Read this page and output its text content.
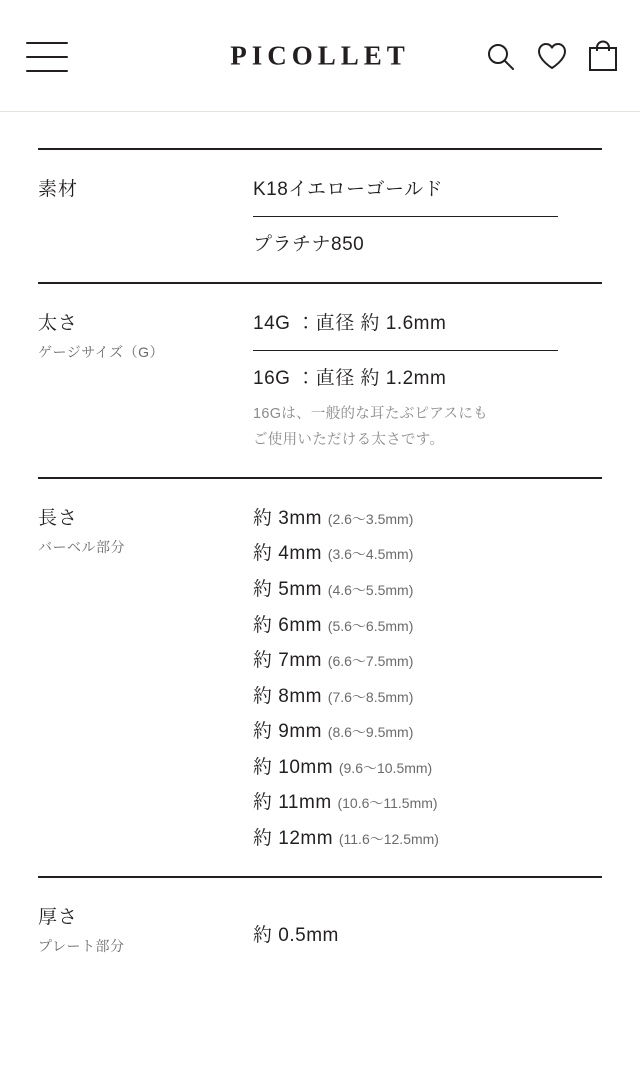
PICOLLET
素材	K18イエローゴールド
プラチナ850
太さ
ゲージサイズ（G）
14G ：直径 約 1.6mm
16G ：直径 約 1.2mm
16Gは、一般的な耳たぶピアスにも
ご使用いただける太さです。
長さ
バーベル部分
約 3mm (2.6〜3.5mm)
約 4mm (3.6〜4.5mm)
約 5mm (4.6〜5.5mm)
約 6mm (5.6〜6.5mm)
約 7mm (6.6〜7.5mm)
約 8mm (7.6〜8.5mm)
約 9mm (8.6〜9.5mm)
約 10mm (9.6〜10.5mm)
約 11mm (10.6〜11.5mm)
約 12mm (11.6〜12.5mm)
厚さ
プレート部分	約 0.5mm
